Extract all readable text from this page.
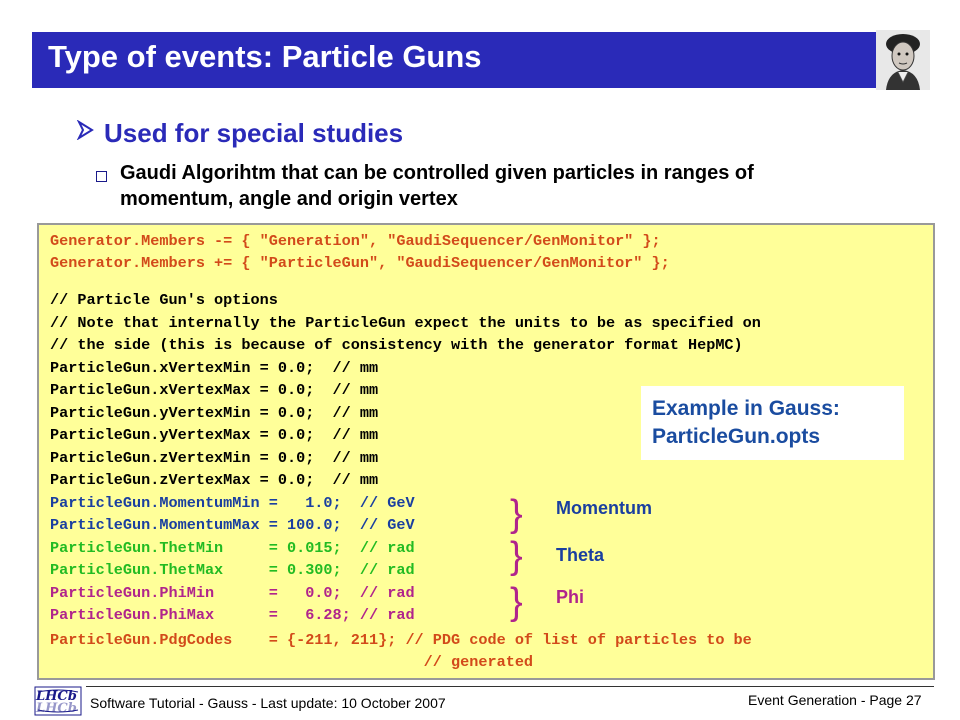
Type of events: Particle Guns
Used for special studies
Gaudi Algorihtm that can be controlled given particles in ranges of momentum, angle and origin vertex
Generator.Members -= { "Generation", "GaudiSequencer/GenMonitor" };
Generator.Members += { "ParticleGun", "GaudiSequencer/GenMonitor" };
// Particle Gun's options
// Note that internally the ParticleGun expect the units to be as specified on
// the side (this is because of consistency with the generator format HepMC)
ParticleGun.xVertexMin = 0.0;  // mm
ParticleGun.xVertexMax = 0.0;  // mm
ParticleGun.yVertexMin = 0.0;  // mm
ParticleGun.yVertexMax = 0.0;  // mm
ParticleGun.zVertexMin = 0.0;  // mm
ParticleGun.zVertexMax = 0.0;  // mm
ParticleGun.MomentumMin =   1.0;  // GeV
ParticleGun.MomentumMax = 100.0;  // GeV
ParticleGun.ThetMin     = 0.015;  // rad
ParticleGun.ThetMax     = 0.300;  // rad
ParticleGun.PhiMin      =   0.0;  // rad
ParticleGun.PhiMax      =   6.28; // rad
ParticleGun.PdgCodes    = {-211, 211}; // PDG code of list of particles to be
// generated
Example in Gauss:
ParticleGun.opts
} Momentum
} Theta
} Phi
LHCb
LHCb Software Tutorial - Gauss - Last update: 10 October 2007	Event Generation - Page 27
